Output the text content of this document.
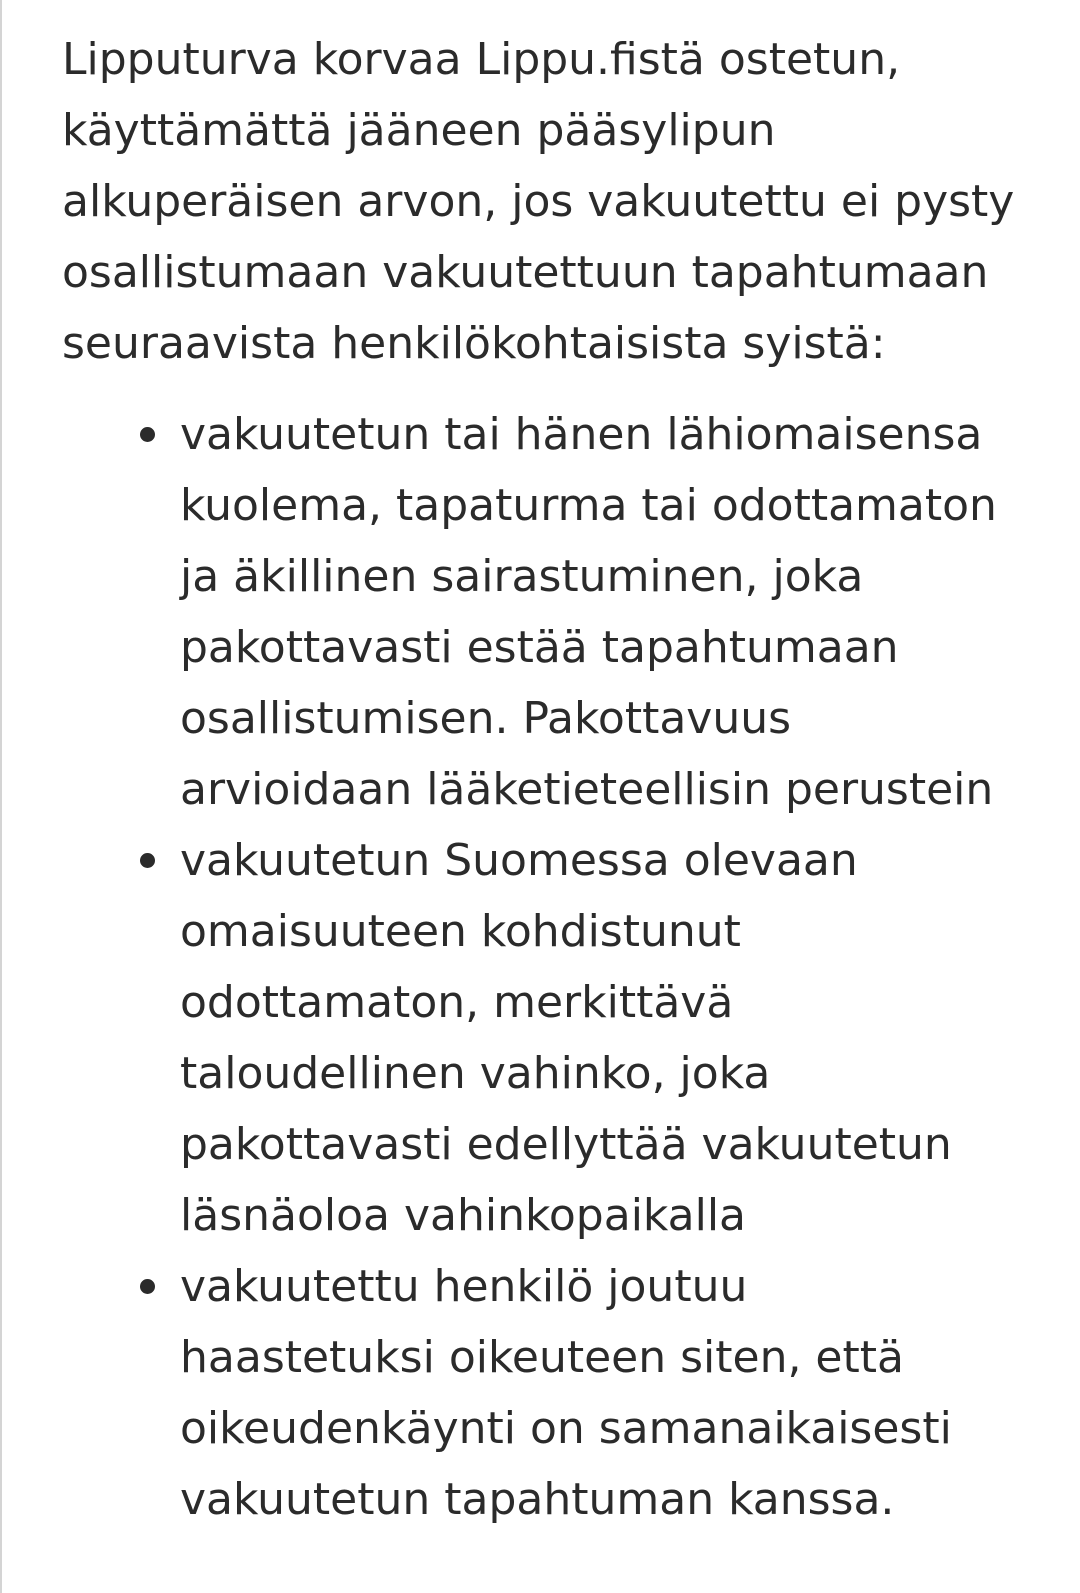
Lipputurva korvaa Lippu.fistä ostetun,
käyttämättä jääneen pääsylipun
alkuperäisen arvon, jos vakuutettu ei pysty
osallistumaan vakuutettuun tapahtumaan
seuraavista henkilökohtaisista syistä:

vakuutetun tai hänen lähiomaisensa
kuolema, tapaturma tai odottamaton
ja äkillinen sairastuminen, joka
pakottavasti estää tapahtumaan
osallistumisen. Pakottavuus
arvioidaan lääketieteellisin perustein
vakuutetun Suomessa olevaan
omaisuuteen kohdistunut
odottamaton, merkittävä
taloudellinen vahinko, joka
pakottavasti edellyttää vakuutetun
läsnäoloa vahinkopaikalla
vakuutettu henkilö joutuu
haastetuksi oikeuteen siten, että
oikeudenkäynti on samanaikaisesti
vakuutetun tapahtuman kanssa.
